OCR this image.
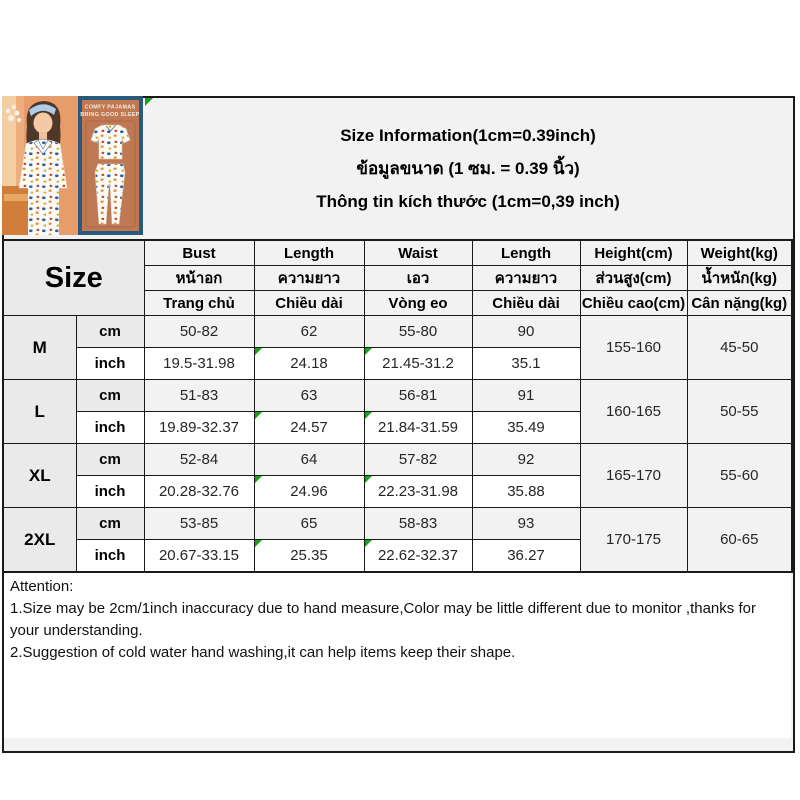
COMFY PAJAMAS
BRING GOOD SLEEP
Size Information(1cm=0.39inch)
ข้อมูลขนาด (1 ซม. = 0.39 นิ้ว)
Thông tin kích thước (1cm=0,39 inch)
Size		Bust	Length	Waist	Length	Height(cm)	Weight(kg)
		หน้าอก	ความยาว	เอว	ความยาว	ส่วนสูง(cm)	น้ำหนัก(kg)
		Trang chủ	Chiều dài	Vòng eo	Chiều dài	Chiều cao(cm)	Cân nặng(kg)
M	cm	50-82	62	55-80	90	155-160	45-50
	inch	19.5-31.98	24.18	21.45-31.2	35.1		
L	cm	51-83	63	56-81	91	160-165	50-55
	inch	19.89-32.37	24.57	21.84-31.59	35.49		
XL	cm	52-84	64	57-82	92	165-170	55-60
	inch	20.28-32.76	24.96	22.23-31.98	35.88		
2XL	cm	53-85	65	58-83	93	170-175	60-65
	inch	20.67-33.15	25.35	22.62-32.37	36.27		
Attention:
1.Size may be 2cm/1inch inaccuracy due to hand measure,Color may be little different due to monitor ,thanks for your understanding.
2.Suggestion of cold water hand washing,it can help items keep their shape.
